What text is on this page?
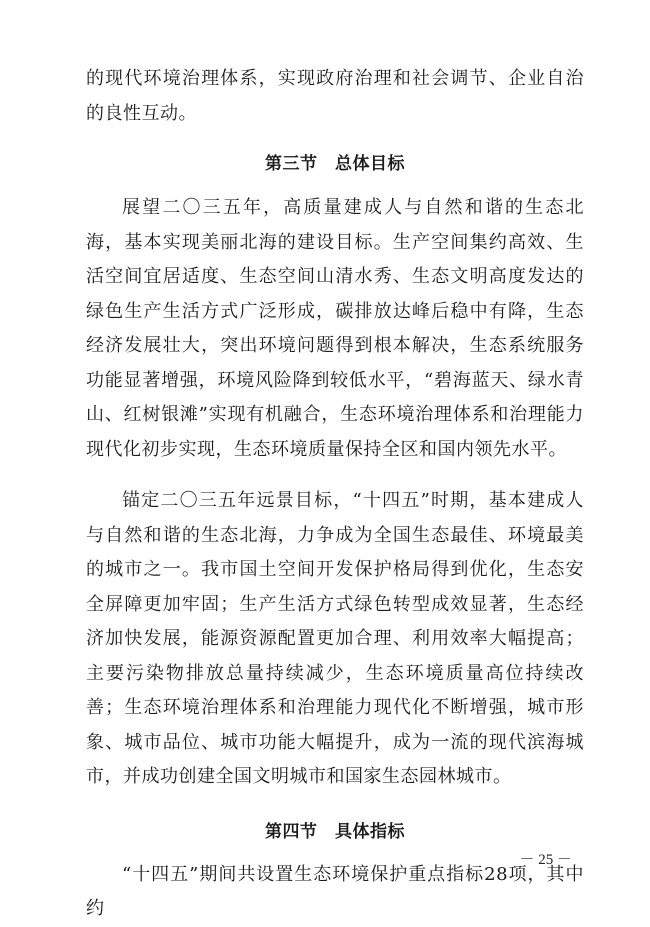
的现代环境治理体系，实现政府治理和社会调节、企业自治的良性互动。

第三节　总体目标

展望二〇三五年，高质量建成人与自然和谐的生态北海，基本实现美丽北海的建设目标。生产空间集约高效、生活空间宜居适度、生态空间山清水秀、生态文明高度发达的绿色生产生活方式广泛形成，碳排放达峰后稳中有降，生态经济发展壮大，突出环境问题得到根本解决，生态系统服务功能显著增强，环境风险降到较低水平，“碧海蓝天、绿水青山、红树银滩”实现有机融合，生态环境治理体系和治理能力现代化初步实现，生态环境质量保持全区和国内领先水平。

锚定二〇三五年远景目标，“十四五”时期，基本建成人与自然和谐的生态北海，力争成为全国生态最佳、环境最美的城市之一。我市国土空间开发保护格局得到优化，生态安全屏障更加牢固；生产生活方式绿色转型成效显著，生态经济加快发展，能源资源配置更加合理、利用效率大幅提高；主要污染物排放总量持续减少，生态环境质量高位持续改善；生态环境治理体系和治理能力现代化不断增强，城市形象、城市品位、城市功能大幅提升，成为一流的现代滨海城市，并成功创建全国文明城市和国家生态园林城市。

第四节　具体指标

“十四五”期间共设置生态环境保护重点指标28项，其中约

－ 25 －
